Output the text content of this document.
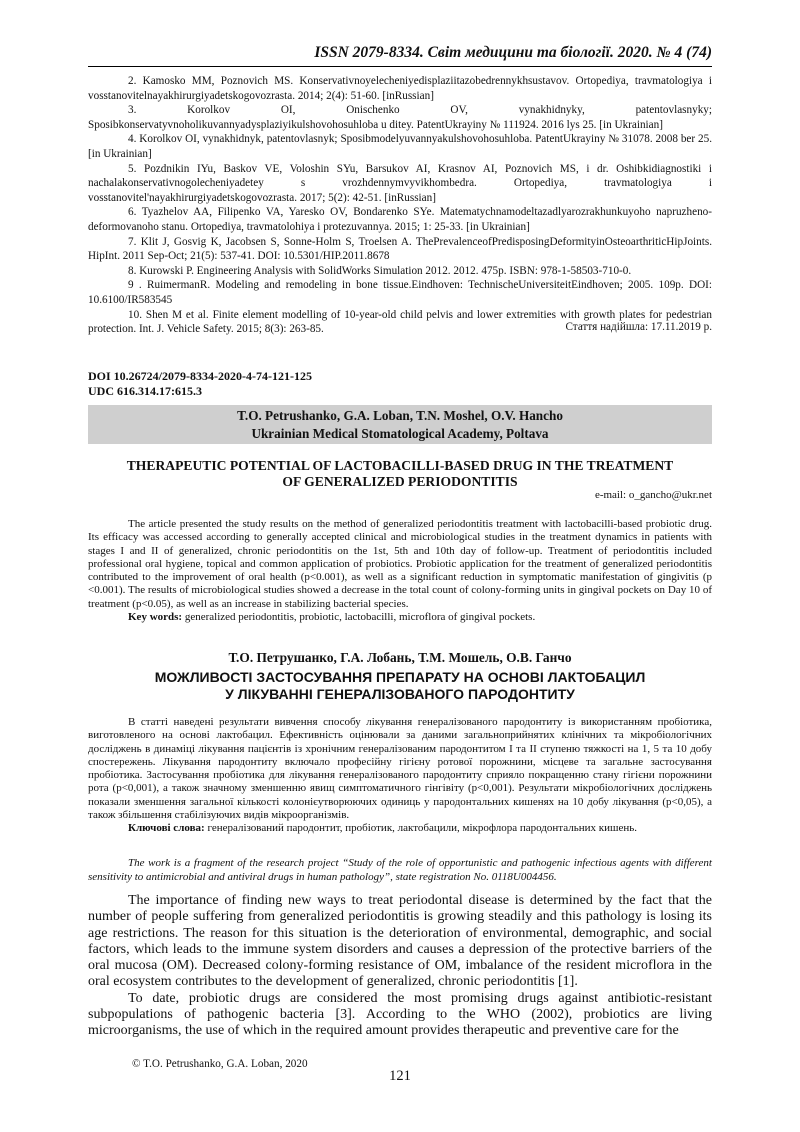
ISSN 2079-8334. Світ медицини та біології. 2020. № 4 (74)

2. Kamosko MM, Poznovich MS. Konservativnoyelecheniyedisplaziitazobedrennykhsustavov. Ortopediya, travmatologiya i vosstanovitelnayakhirurgiyadetskogovozrasta. 2014; 2(4): 51-60. [inRussian]

3. Korolkov OI, Onischenko OV, vynakhidnyky, patentovlasnyky; Sposibkonservatyvnoholikuvannyadysplaziyikulshovohosuhloba u ditey. PatentUkrayiny № 111924. 2016 lys 25. [in Ukrainian]

4. Korolkov OI, vynakhidnyk, patentovlasnyk; Sposibmodelyuvannyakulshovohosuhloba. PatentUkrayiny № 31078. 2008 ber 25. [in Ukrainian]

5. Pozdnikin IYu, Baskov VE, Voloshin SYu, Barsukov AI, Krasnov AI, Poznovich MS, i dr. Oshibkidiagnostiki i nachalakonservativnogolecheniyadetey s vrozhdennymvyvikhombedra. Ortopediya, travmatologiya i vosstanovitel'nayakhirurgiyadetskogovozrasta. 2017; 5(2): 42-51. [inRussian]

6. Tyazhelov AA, Filipenko VA, Yaresko OV, Bondarenko SYe. Matematychnamodeltazadlyarozrakhunkuyoho napruzheno-deformovanoho stanu. Ortopediya, travmatolohiya i protezuvannya. 2015; 1: 25-33. [in Ukrainian]

7. Klit J, Gosvig K, Jacobsen S, Sonne-Holm S, Troelsen A. ThePrevalenceofPredisposingDeformityinOsteoarthriticHipJoints. HipInt. 2011 Sep-Oct; 21(5): 537-41. DOI: 10.5301/HIP.2011.8678

8. Kurowski P. Engineering Analysis with SolidWorks Simulation 2012. 2012. 475p. ISBN: 978-1-58503-710-0.

9 . RuimermanR. Modeling and remodeling in bone tissue.Eindhoven: TechnischeUniversiteitEindhoven; 2005. 109p. DOI: 10.6100/IR583545

10. Shen M et al. Finite element modelling of 10-year-old child pelvis and lower extremities with growth plates for pedestrian protection. Int. J. Vehicle Safety. 2015; 8(3): 263-85.	Стаття надійшла: 17.11.2019 р.
DOI 10.26724/2079-8334-2020-4-74-121-125
UDC 616.314.17:615.3
T.O. Petrushanko, G.A. Loban, T.N. Moshel, O.V. Hancho
Ukrainian Medical Stomatological Academy, Poltava
THERAPEUTIC POTENTIAL OF LACTOBACILLI-BASED DRUG IN THE TREATMENT
OF GENERALIZED PERIODONTITIS
e-mail: o_gancho@ukr.net

The article presented the study results on the method of generalized periodontitis treatment with lactobacilli-based probiotic drug. Its efficacy was accessed according to generally accepted clinical and microbiological studies in the treatment dynamics in patients with stages I and II of generalized, chronic periodontitis on the 1st, 5th and 10th day of follow-up. Treatment of periodontitis included professional oral hygiene, topical and common application of probiotics. Probiotic application for the treatment of generalized periodontitis contributed to the improvement of oral health (p<0.001), as well as a significant reduction in symptomatic manifestation of gingivitis (p <0.001). The results of microbiological studies showed a decrease in the total count of colony-forming units in gingival pockets on Day 10 of treatment (p<0.05), as well as an increase in stabilizing bacterial species.

Key words: generalized periodontitis, probiotic, lactobacilli, microflora of gingival pockets.

Т.О. Петрушанко, Г.А. Лобань, Т.М. Мошель, О.В. Ганчо
МОЖЛИВОСТІ ЗАСТОСУВАННЯ ПРЕПАРАТУ НА ОСНОВІ ЛАКТОБАЦИЛ
У ЛІКУВАННІ ГЕНЕРАЛІЗОВАНОГО ПАРОДОНТИТУ

В статті наведені результати вивчення способу лікування генералізованого пародонтиту із використанням пробіотика, виготовленого на основі лактобацил. Ефективність оцінювали за даними загальноприйнятих клінічних та мікробіологічних досліджень в динаміці лікування пацієнтів із хронічним генералізованим пародонтитом І та ІІ ступеню тяжкості на 1, 5 та 10 добу спостережень. Лікування пародонтиту включало професійну гігієну ротової порожнини, місцеве та загальне застосування пробіотика. Застосування пробіотика для лікування генералізованого пародонтиту сприяло покращенню стану гігієни порожнини рота (p<0,001), а також значному зменшенню явищ симптоматичного гінгівіту (p<0,001). Результати мікробіологічних досліджень показали зменшення загальної кількості колонієутворюючих одиниць у пародонтальних кишенях на 10 добу лікування (p<0,05), а також збільшення стабілізуючих видів мікроорганізмів.

Ключові слова: генералізований пародонтит, пробіотик, лактобацили, мікрофлора пародонтальних кишень.

The work is a fragment of the research project “Study of the role of opportunistic and pathogenic infectious agents with different sensitivity to antimicrobial and antiviral drugs in human pathology”, state registration No. 0118U004456.

The importance of finding new ways to treat periodontal disease is determined by the fact that the number of people suffering from generalized periodontitis is growing steadily and this pathology is losing its age restrictions. The reason for this situation is the deterioration of environmental, demographic, and social factors, which leads to the immune system disorders and causes a depression of the protective barriers of the oral mucosa (OM). Decreased colony-forming resistance of OM, imbalance of the resident microflora in the oral ecosystem contributes to the development of generalized, chronic periodontitis [1].

To date, probiotic drugs are considered the most promising drugs against antibiotic-resistant subpopulations of pathogenic bacteria [3]. According to the WHO (2002), probiotics are living microorganisms, the use of which in the required amount provides therapeutic and preventive care for the

© T.O. Petrushanko, G.A. Loban, 2020
121
